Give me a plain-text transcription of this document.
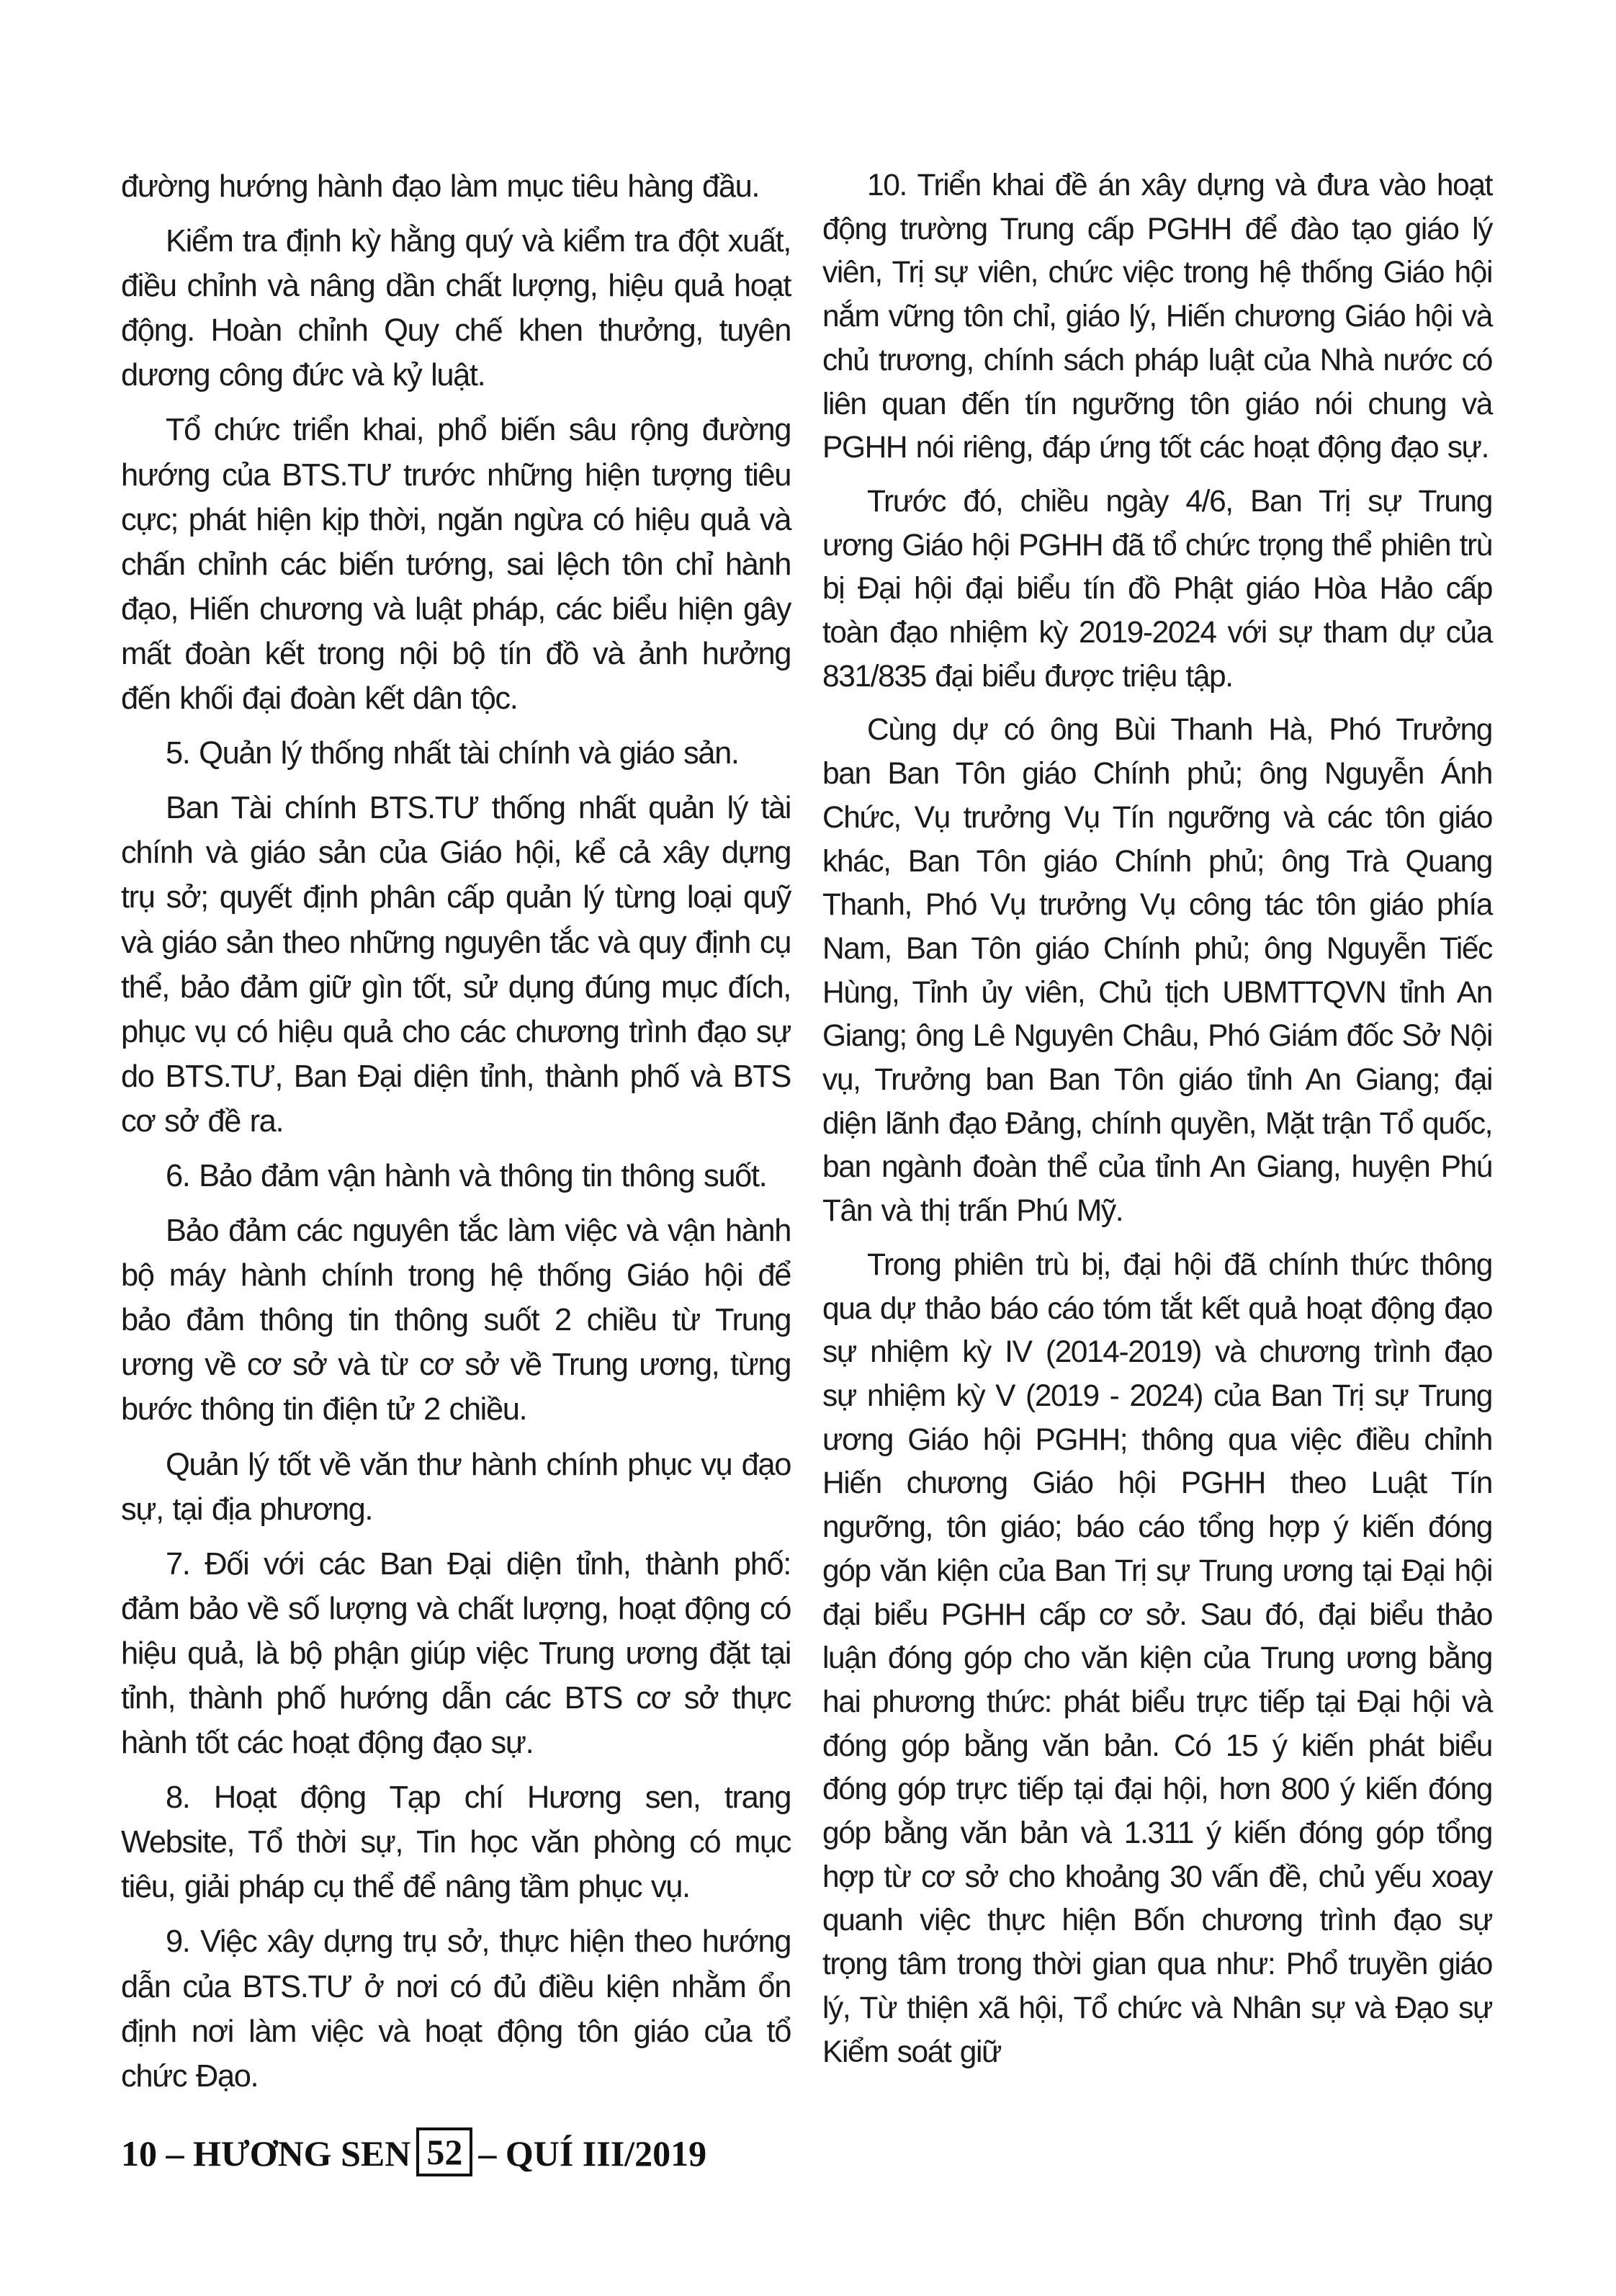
đường hướng hành đạo làm mục tiêu hàng đầu.

Kiểm tra định kỳ hằng quý và kiểm tra đột xuất, điều chỉnh và nâng dần chất lượng, hiệu quả hoạt động. Hoàn chỉnh Quy chế khen thưởng, tuyên dương công đức và kỷ luật.

Tổ chức triển khai, phổ biến sâu rộng đường hướng của BTS.TƯ trước những hiện tượng tiêu cực; phát hiện kịp thời, ngăn ngừa có hiệu quả và chấn chỉnh các biến tướng, sai lệch tôn chỉ hành đạo, Hiến chương và luật pháp, các biểu hiện gây mất đoàn kết trong nội bộ tín đồ và ảnh hưởng đến khối đại đoàn kết dân tộc.

5. Quản lý thống nhất tài chính và giáo sản.

Ban Tài chính BTS.TƯ thống nhất quản lý tài chính và giáo sản của Giáo hội, kể cả xây dựng trụ sở; quyết định phân cấp quản lý từng loại quỹ và giáo sản theo những nguyên tắc và quy định cụ thể, bảo đảm giữ gìn tốt, sử dụng đúng mục đích, phục vụ có hiệu quả cho các chương trình đạo sự do BTS.TƯ, Ban Đại diện tỉnh, thành phố và BTS cơ sở đề ra.

6. Bảo đảm vận hành và thông tin thông suốt.

Bảo đảm các nguyên tắc làm việc và vận hành bộ máy hành chính trong hệ thống Giáo hội để bảo đảm thông tin thông suốt 2 chiều từ Trung ương về cơ sở và từ cơ sở về Trung ương, từng bước thông tin điện tử 2 chiều.

Quản lý tốt về văn thư hành chính phục vụ đạo sự, tại địa phương.

7. Đối với các Ban Đại diện tỉnh, thành phố: đảm bảo về số lượng và chất lượng, hoạt động có hiệu quả, là bộ phận giúp việc Trung ương đặt tại tỉnh, thành phố hướng dẫn các BTS cơ sở thực hành tốt các hoạt động đạo sự.

8. Hoạt động Tạp chí Hương sen, trang Website, Tổ thời sự, Tin học văn phòng có mục tiêu, giải pháp cụ thể để nâng tầm phục vụ.

9. Việc xây dựng trụ sở, thực hiện theo hướng dẫn của BTS.TƯ ở nơi có đủ điều kiện nhằm ổn định nơi làm việc và hoạt động tôn giáo của tổ chức Đạo.

10. Triển khai đề án xây dựng và đưa vào hoạt động trường Trung cấp PGHH để đào tạo giáo lý viên, Trị sự viên, chức việc trong hệ thống Giáo hội nắm vững tôn chỉ, giáo lý, Hiến chương Giáo hội và chủ trương, chính sách pháp luật của Nhà nước có liên quan đến tín ngưỡng tôn giáo nói chung và PGHH nói riêng, đáp ứng tốt các hoạt động đạo sự.

Trước đó, chiều ngày 4/6, Ban Trị sự Trung ương Giáo hội PGHH đã tổ chức trọng thể phiên trù bị Đại hội đại biểu tín đồ Phật giáo Hòa Hảo cấp toàn đạo nhiệm kỳ 2019-2024 với sự tham dự của 831/835 đại biểu được triệu tập.

Cùng dự có ông Bùi Thanh Hà, Phó Trưởng ban Ban Tôn giáo Chính phủ; ông Nguyễn Ánh Chức, Vụ trưởng Vụ Tín ngưỡng và các tôn giáo khác, Ban Tôn giáo Chính phủ; ông Trà Quang Thanh, Phó Vụ trưởng Vụ công tác tôn giáo phía Nam, Ban Tôn giáo Chính phủ; ông Nguyễn Tiếc Hùng, Tỉnh ủy viên, Chủ tịch UBMTTQVN tỉnh An Giang; ông Lê Nguyên Châu, Phó Giám đốc Sở Nội vụ, Trưởng ban Ban Tôn giáo tỉnh An Giang; đại diện lãnh đạo Đảng, chính quyền, Mặt trận Tổ quốc, ban ngành đoàn thể của tỉnh An Giang, huyện Phú Tân và thị trấn Phú Mỹ.

Trong phiên trù bị, đại hội đã chính thức thông qua dự thảo báo cáo tóm tắt kết quả hoạt động đạo sự nhiệm kỳ IV (2014-2019) và chương trình đạo sự nhiệm kỳ V (2019 - 2024) của Ban Trị sự Trung ương Giáo hội PGHH; thông qua việc điều chỉnh Hiến chương Giáo hội PGHH theo Luật Tín ngưỡng, tôn giáo; báo cáo tổng hợp ý kiến đóng góp văn kiện của Ban Trị sự Trung ương tại Đại hội đại biểu PGHH cấp cơ sở. Sau đó, đại biểu thảo luận đóng góp cho văn kiện của Trung ương bằng hai phương thức: phát biểu trực tiếp tại Đại hội và đóng góp bằng văn bản. Có 15 ý kiến phát biểu đóng góp trực tiếp tại đại hội, hơn 800 ý kiến đóng góp bằng văn bản và 1.311 ý kiến đóng góp tổng hợp từ cơ sở cho khoảng 30 vấn đề, chủ yếu xoay quanh việc thực hiện Bốn chương trình đạo sự trọng tâm trong thời gian qua như: Phổ truyền giáo lý, Từ thiện xã hội, Tổ chức và Nhân sự và Đạo sự Kiểm soát giữ

10 – HƯƠNG SEN 52 – QUÍ III/2019
